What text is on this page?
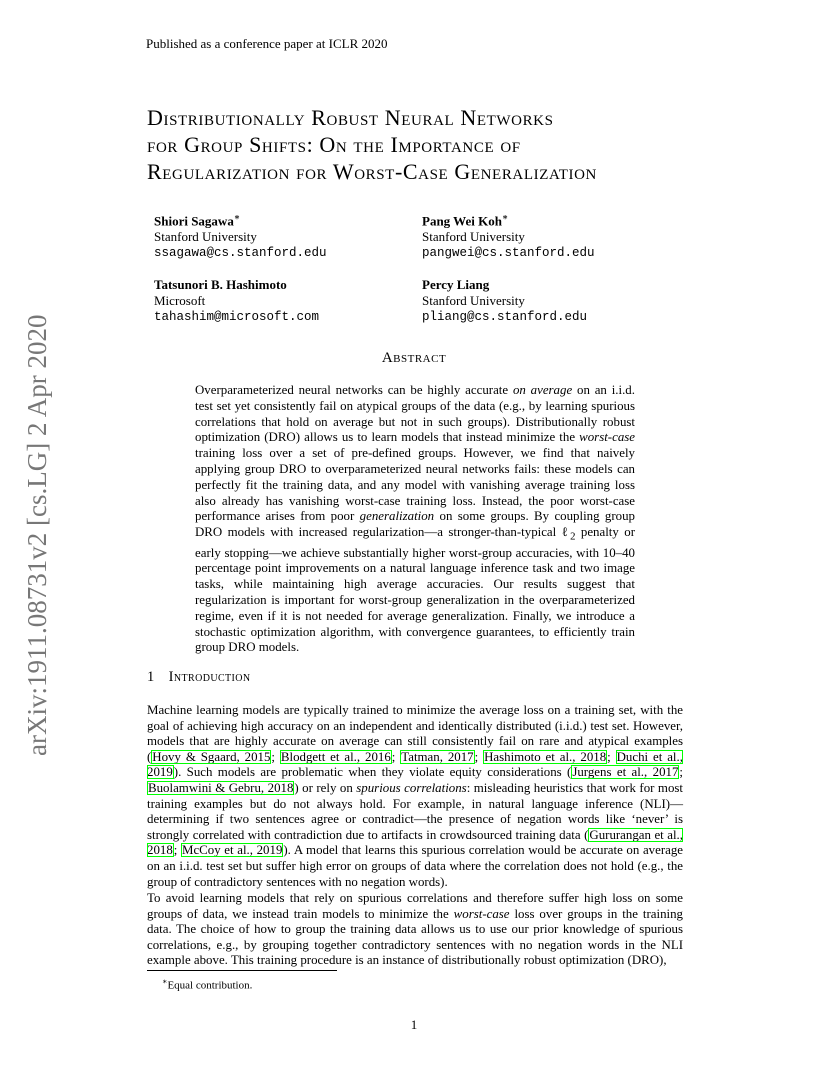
Published as a conference paper at ICLR 2020
arXiv:1911.08731v2 [cs.LG] 2 Apr 2020
Distributionally Robust Neural Networks
for Group Shifts: On the Importance of
Regularization for Worst-Case Generalization
Shiori Sagawa∗
Stanford University
ssagawa@cs.stanford.edu
Pang Wei Koh∗
Stanford University
pangwei@cs.stanford.edu
Tatsunori B. Hashimoto
Microsoft
tahashim@microsoft.com
Percy Liang
Stanford University
pliang@cs.stanford.edu
Abstract
Overparameterized neural networks can be highly accurate on average on an i.i.d. test set yet consistently fail on atypical groups of the data (e.g., by learning spurious correlations that hold on average but not in such groups). Distributionally robust optimization (DRO) allows us to learn models that instead minimize the worst-case training loss over a set of pre-defined groups. However, we find that naively applying group DRO to overparameterized neural networks fails: these models can perfectly fit the training data, and any model with vanishing average training loss also already has vanishing worst-case training loss. Instead, the poor worst-case performance arises from poor generalization on some groups. By coupling group DRO models with increased regularization—a stronger-than-typical ℓ$_2$ penalty or early stopping—we achieve substantially higher worst-group accuracies, with 10–40 percentage point improvements on a natural language inference task and two image tasks, while maintaining high average accuracies. Our results suggest that regularization is important for worst-group generalization in the overparameterized regime, even if it is not needed for average generalization. Finally, we introduce a stochastic optimization algorithm, with convergence guarantees, to efficiently train group DRO models.
1 Introduction
Machine learning models are typically trained to minimize the average loss on a training set, with the goal of achieving high accuracy on an independent and identically distributed (i.i.d.) test set. However, models that are highly accurate on average can still consistently fail on rare and atypical examples (Hovy & Sgaard, 2015; Blodgett et al., 2016; Tatman, 2017; Hashimoto et al., 2018; Duchi et al., 2019). Such models are problematic when they violate equity considerations (Jurgens et al., 2017; Buolamwini & Gebru, 2018) or rely on spurious correlations: misleading heuristics that work for most training examples but do not always hold. For example, in natural language inference (NLI)—determining if two sentences agree or contradict—the presence of negation words like ‘never’ is strongly correlated with contradiction due to artifacts in crowdsourced training data (Gururangan et al., 2018; McCoy et al., 2019). A model that learns this spurious correlation would be accurate on average on an i.i.d. test set but suffer high error on groups of data where the correlation does not hold (e.g., the group of contradictory sentences with no negation words).
To avoid learning models that rely on spurious correlations and therefore suffer high loss on some groups of data, we instead train models to minimize the worst-case loss over groups in the training data. The choice of how to group the training data allows us to use our prior knowledge of spurious correlations, e.g., by grouping together contradictory sentences with no negation words in the NLI example above. This training procedure is an instance of distributionally robust optimization (DRO),
∗Equal contribution.
1
